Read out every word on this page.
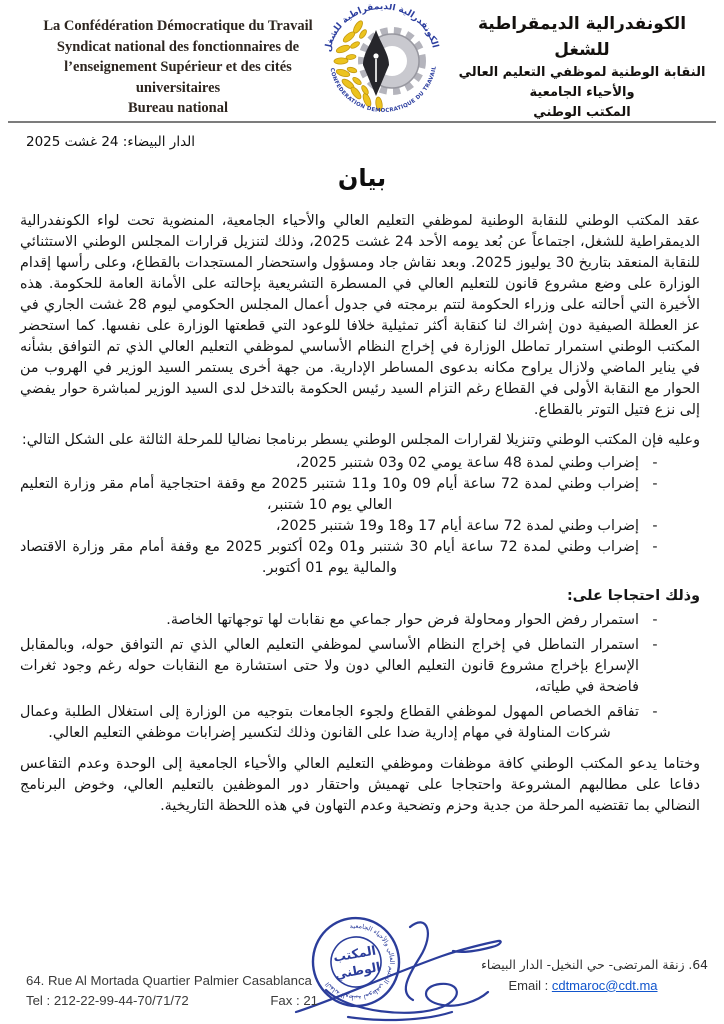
La Confédération Démocratique du Travail
Syndicat national des fonctionnaires de
l’enseignement Supérieur et des cités
universitaires
Bureau national
الكونفدرالية الديمقراطية للشغل
CONFEDERATION DEMOCRATIQUE DU TRAVAIL
الكونفدرالية الديمقراطية للشغل
النقابة الوطنية لموظفي التعليم العالي
والأحياء الجامعية
المكتب الوطني
الدار البيضاء: 24 غشت 2025
بيان

عقد المكتب الوطني للنقابة الوطنية لموظفي التعليم العالي والأحياء الجامعية، المنضوية تحت لواء الكونفدرالية الديمقراطية للشغل، اجتماعاً عن بُعد يومه الأحد 24 غشت 2025، وذلك لتنزيل قرارات المجلس الوطني الاستثنائي للنقابة المنعقد بتاريخ 30 يوليوز 2025. وبعد نقاش جاد ومسؤول واستحضار المستجدات بالقطاع، وعلى رأسها إقدام الوزارة على وضع مشروع قانون للتعليم العالي في المسطرة التشريعية بإحالته على الأمانة العامة للحكومة. هذه الأخيرة التي أحالته على وزراء الحكومة لتتم برمجته في جدول أعمال المجلس الحكومي ليوم 28 غشت الجاري في عز العطلة الصيفية دون إشراك لنا كنقابة أكثر تمثيلية خلافا للوعود التي قطعتها الوزارة على نفسها. كما استحضر المكتب الوطني استمرار تماطل الوزارة في إخراج النظام الأساسي لموظفي التعليم العالي الذي تم التوافق بشأنه في يناير الماضي ولازال يراوح مكانه بدعوى المساطر الإدارية. من جهة أخرى يستمر السيد الوزير في الهروب من الحوار مع النقابة الأولى في القطاع رغم التزام السيد رئيس الحكومة بالتدخل لدى السيد الوزير لمباشرة حوار يفضي إلى نزع فتيل التوتر بالقطاع.

وعليه فإن المكتب الوطني وتنزيلا لقرارات المجلس الوطني يسطر برنامجا نضاليا للمرحلة الثالثة على الشكل التالي:

-
إضراب وطني لمدة 48 ساعة يومي 02 و03 شتنبر 2025،
-
إضراب وطني لمدة 72 ساعة أيام 09 و10 و11 شتنبر 2025 مع وقفة احتجاجية أمام مقر وزارة التعليم العالي يوم 10 شتنبر،
-
إضراب وطني لمدة 72 ساعة أيام 17 و18 و19 شتنبر 2025،
-
إضراب وطني لمدة 72 ساعة أيام 30 شتنبر و01 و02 أكتوبر 2025 مع وقفة أمام مقر وزارة الاقتصاد والمالية يوم 01 أكتوبر.

وذلك احتجاجا على:

-
استمرار رفض الحوار ومحاولة فرض حوار جماعي مع نقابات لها توجهاتها الخاصة.
-
استمرار التماطل في إخراج النظام الأساسي لموظفي التعليم العالي الذي تم التوافق حوله، وبالمقابل الإسراع بإخراج مشروع قانون التعليم العالي دون ولا حتى استشارة مع النقابات حوله رغم وجود ثغرات فاضحة في طياته،
-
تفاقم الخصاص المهول لموظفي القطاع ولجوء الجامعات بتوجيه من الوزارة إلى استغلال الطلبة وعمال شركات المناولة في مهام إدارية ضدا على القانون وذلك لتكسير إضرابات موظفي التعليم العالي.

وختاما يدعو المكتب الوطني كافة موظفات وموظفي التعليم العالي والأحياء الجامعية إلى الوحدة وعدم التقاعس دفاعا على مطالبهم المشروعة واحتجاجا على تهميش واحتقار دور الموظفين بالتعليم العالي، وخوض البرنامج النضالي بما تقتضيه المرحلة من جدية وحزم وتضحية وعدم التهاون في هذه اللحظة التاريخية.

النقابة الوطنية لموظفي التعليم العالي والأحياء الجامعية
المكتب
الوطني
64. Rue Al Mortada Quartier Palmier Casablanca
Tel : 212-22-99-44-70/71/72	Fax : 21
64. زنقة المرتضى- حي النخيل- الدار البيضاء
Email : cdtmaroc@cdt.ma
